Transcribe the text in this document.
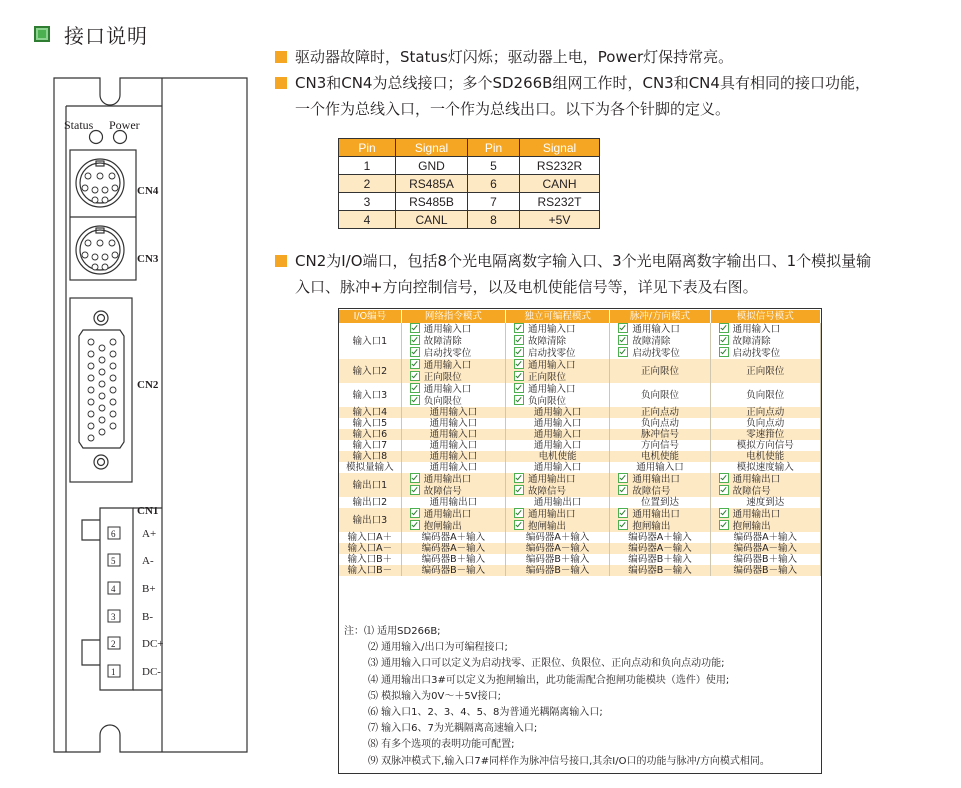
接口说明
Status Power
CN4
CN3
CN2
CN1
6
5
4
3
2
1
A+
A-
B+
B-
DC+
DC-
驱动器故障时，Status灯闪烁；驱动器上电，Power灯保持常亮。
CN3和CN4为总线接口；多个SD266B组网工作时，CN3和CN4具有相同的接口功能，
一个作为总线入口，一个作为总线出口。以下为各个针脚的定义。
Pin	Signal	Pin	Signal
1	GND	5	RS232R
2	RS485A	6	CANH
3	RS485B	7	RS232T
4	CANL	8	+5V
CN2为I/O端口，包括8个光电隔离数字输入口、3个光电隔离数字输出口、1个模拟量输
入口、脉冲+方向控制信号，以及电机使能信号等，详见下表及右图。
I/O编号	网络指令模式	独立可编程模式	脉冲/方向模式	模拟信号模式
输入口1	通用输入口
故障清除
启动找零位	通用输入口
故障清除
启动找零位	通用输入口
故障清除
启动找零位	通用输入口
故障清除
启动找零位

输入口2	通用输入口
正向限位	通用输入口
正向限位	正向限位	正向限位
输入口3	通用输入口
负向限位	通用输入口
负向限位	负向限位	负向限位
输入口4	通用输入口	通用输入口	正向点动	正向点动
输入口5	通用输入口	通用输入口	负向点动	负向点动
输入口6	通用输入口	通用输入口	脉冲信号	零速箝位
输入口7	通用输入口	通用输入口	方向信号	模拟方向信号
输入口8	通用输入口	电机使能	电机使能	电机使能
模拟量输入	通用输入口	通用输入口	通用输入口	模拟速度输入
输出口1	通用输出口
故障信号	通用输出口
故障信号	通用输出口
故障信号	通用输出口
故障信号

输出口2	通用输出口	通用输出口	位置到达	速度到达
输出口3	通用输出口
抱闸输出	通用输出口
抱闸输出	通用输出口
抱闸输出	通用输出口
抱闸输出

输入口A＋	编码器A＋输入	编码器A＋输入	编码器A＋输入	编码器A＋输入
输入口A－	编码器A－输入	编码器A－输入	编码器A－输入	编码器A－输入
输入口B＋	编码器B＋输入	编码器B＋输入	编码器B＋输入	编码器B＋输入
输入口B－	编码器B－输入	编码器B－输入	编码器B－输入	编码器B－输入
注：⑴ 适用SD266B;
⑵ 通用输入/出口为可编程接口;
⑶ 通用输入口可以定义为启动找零、正限位、负限位、正向点动和负向点动功能;
⑷ 通用输出口3#可以定义为抱闸输出，此功能需配合抱闸功能模块（选件）使用;
⑸ 模拟输入为0V～＋5V接口;
⑹ 输入口1、2、3、4、5、8为普通光耦隔离输入口;
⑺ 输入口6、7为光耦隔离高速输入口;
⑻ 有多个选项的表明功能可配置;
⑼ 双脉冲模式下,输入口7#同样作为脉冲信号接口,其余I/O口的功能与脉冲/方向模式相同。
